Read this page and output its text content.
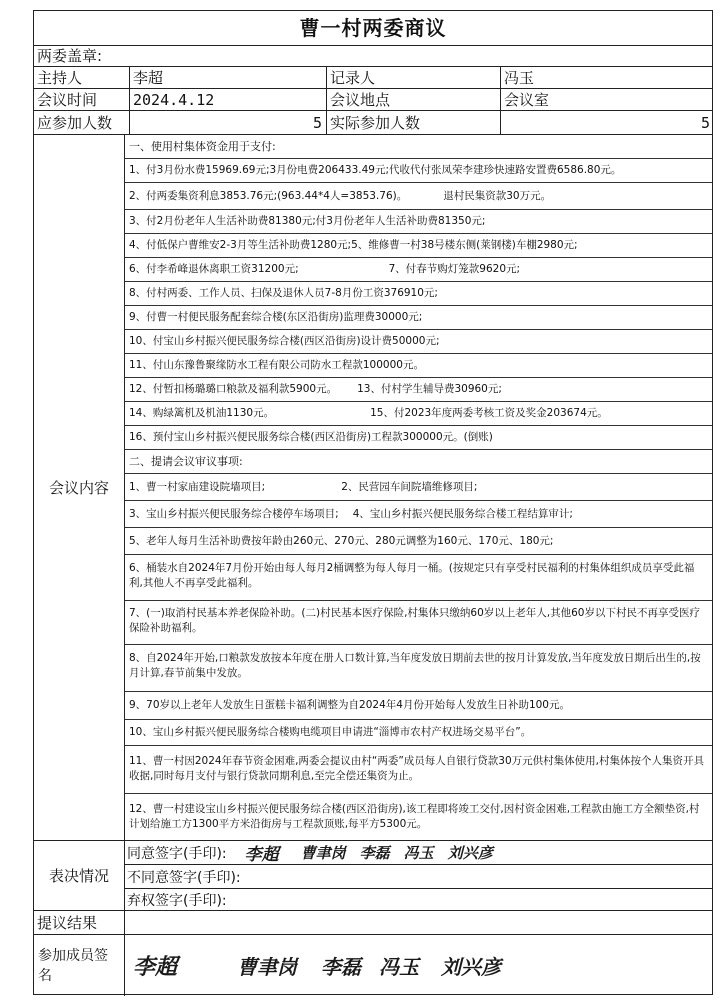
曹一村两委商议
两委盖章:
主持人	李超	记录人	冯玉
会议时间	2024.4.12	会议地点	会议室
应参加人数	5 实际参加人数	5
会议内容
一、使用村集体资金用于支付:
1、付3月份水费15969.69元;3月份电费206433.49元;代收代付张凤荣李建珍快速路安置费6586.80元。
2、付两委集资利息3853.76元;(963.44*4人=3853.76)。	退村民集资款30万元。
3、付2月份老年人生活补助费81380元;付3月份老年人生活补助费81350元;
4、付低保户曹维安2-3月等生活补助费1280元;5、维修曹一村38号楼东侧(莱钢楼)车棚2980元;
6、付李希峰退休离职工资31200元;	7、付春节购灯笼款9620元;
8、付村两委、工作人员、扫保及退休人员7-8月份工资376910元;
9、付曹一村便民服务配套综合楼(东区沿街房)监理费30000元;
10、付宝山乡村振兴便民服务综合楼(西区沿街房)设计费50000元;
11、付山东豫鲁聚缘防水工程有限公司防水工程款100000元。
12、付暂扣杨璐璐口粮款及福利款5900元。 13、付村学生辅导费30960元;
14、购绿篱机及机油1130元。	15、付2023年度两委考核工资及奖金203674元。
16、预付宝山乡村振兴便民服务综合楼(西区沿街房)工程款300000元。(倒账)
二、提请会议审议事项:
1、曹一村家庙建设院墙项目;	2、民营园车间院墙维修项目;
3、宝山乡村振兴便民服务综合楼停车场项目; 4、宝山乡村振兴便民服务综合楼工程结算审计;
5、老年人每月生活补助费按年龄由260元、270元、280元调整为160元、170元、180元;
6、桶装水自2024年7月份开始由每人每月2桶调整为每人每月一桶。(按规定只有享受村民福利的村集体组织成员享受此福利,其他人不再享受此福利。
7、(一)取消村民基本养老保险补助。(二)村民基本医疗保险,村集体只缴纳60岁以上老年人,其他60岁以下村民不再享受医疗保险补助福利。
8、自2024年开始,口粮款发放按本年度在册人口数计算,当年度发放日期前去世的按月计算发放,当年度发放日期后出生的,按月计算,春节前集中发放。
9、70岁以上老年人发放生日蛋糕卡福利调整为自2024年4月份开始每人发放生日补助100元。
10、宝山乡村振兴便民服务综合楼购电缆项目申请进“淄博市农村产权进场交易平台”。
11、曹一村因2024年春节资金困难,两委会提议由村“两委”成员每人自银行贷款30万元供村集体使用,村集体按个人集资开具收据,同时每月支付与银行贷款同期利息,至完全偿还集资为止。
12、曹一村建设宝山乡村振兴便民服务综合楼(西区沿街房),该工程即将竣工交付,因村资金困难,工程款由施工方全额垫资,村计划给施工方1300平方米沿街房与工程款顶账,每平方5300元。
表决情况
同意签字(手印): 李超 曹聿岗 李磊 冯玉 刘兴彦
不同意签字(手印):
弃权签字(手印):
提议结果
参加成员签名	李超	曹聿岗 李磊 冯玉 刘兴彦
